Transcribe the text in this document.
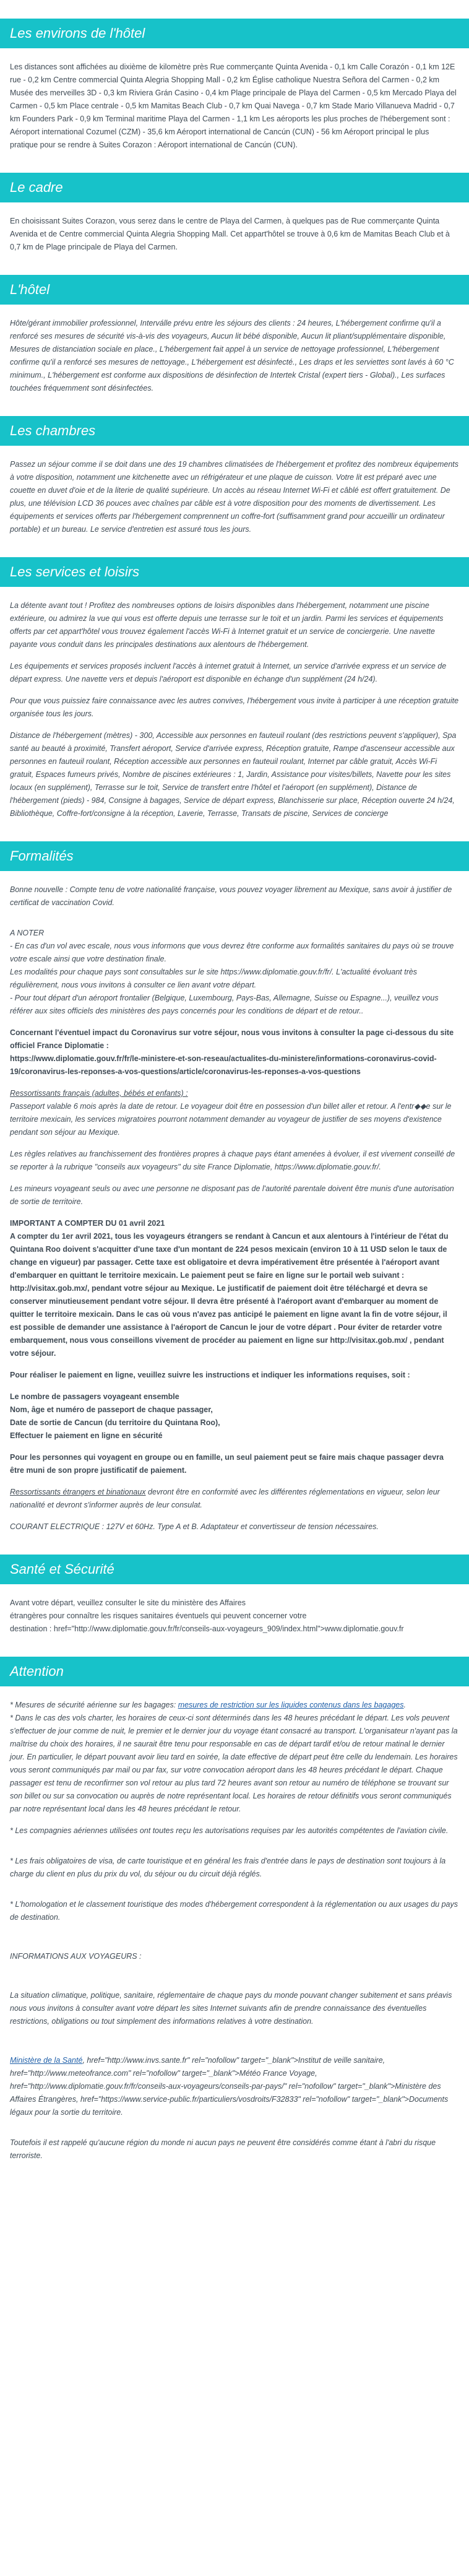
Les environs de l'hôtel

Les distances sont affichées au dixième de kilomètre près Rue commerçante Quinta Avenida - 0,1 km Calle Corazón - 0,1 km 12E rue - 0,2 km Centre commercial Quinta Alegria Shopping Mall - 0,2 km Église catholique Nuestra Señora del Carmen - 0,2 km Musée des merveilles 3D - 0,3 km Riviera Grán Casino - 0,4 km Plage principale de Playa del Carmen - 0,5 km Mercado Playa del Carmen - 0,5 km Place centrale - 0,5 km Mamitas Beach Club - 0,7 km Quai Navega - 0,7 km Stade Mario Villanueva Madrid - 0,7 km Founders Park - 0,9 km Terminal maritime Playa del Carmen - 1,1 km Les aéroports les plus proches de l'hébergement sont : Aéroport international Cozumel (CZM) - 35,6 km Aéroport international de Cancún (CUN) - 56 km Aéroport principal le plus pratique pour se rendre à Suites Corazon : Aéroport international de Cancún (CUN).

Le cadre

En choisissant Suites Corazon, vous serez dans le centre de Playa del Carmen, à quelques pas de Rue commerçante Quinta Avenida et de Centre commercial Quinta Alegria Shopping Mall. Cet appart'hôtel se trouve à 0,6 km de Mamitas Beach Club et à 0,7 km de Plage principale de Playa del Carmen.

L'hôtel

Hôte/gérant immobilier professionnel, Interválle prévu entre les séjours des clients : 24 heures, L'hébergement confirme qu'il a renforcé ses mesures de sécurité vis-à-vis des voyageurs, Aucun lit bébé disponible, Aucun lit pliant/supplémentaire disponible, Mesures de distanciation sociale en place., L'hébergement fait appel à un service de nettoyage professionnel, L'hébergement confirme qu'il a renforcé ses mesures de nettoyage., L'hébergement est désinfecté., Les draps et les serviettes sont lavés à 60 °C minimum., L'hébergement est conforme aux dispositions de désinfection de Intertek Cristal (expert tiers - Global)., Les surfaces touchées fréquemment sont désinfectées.

Les chambres

Passez un séjour comme il se doit dans une des 19 chambres climatisées de l'hébergement et profitez des nombreux équipements à votre disposition, notamment une kitchenette avec un réfrigérateur et une plaque de cuisson. Votre lit est préparé avec une couette en duvet d'oie et de la literie de qualité supérieure. Un accès au réseau Internet Wi-Fi et câblé est offert gratuitement. De plus, une télévision LCD 36 pouces avec chaînes par câble est à votre disposition pour des moments de divertissement. Les équipements et services offerts par l'hébergement comprennent un coffre-fort (suffisamment grand pour accueillir un ordinateur portable) et un bureau. Le service d'entretien est assuré tous les jours.

Les services et loisirs

La détente avant tout ! Profitez des nombreuses options de loisirs disponibles dans l'hébergement, notamment une piscine extérieure, ou admirez la vue qui vous est offerte depuis une terrasse sur le toit et un jardin. Parmi les services et équipements offerts par cet appart'hôtel vous trouvez également l'accès Wi-Fi à Internet gratuit et un service de conciergerie. Une navette payante vous conduit dans les principales destinations aux alentours de l'hébergement.

Les équipements et services proposés incluent l'accès à internet gratuit à Internet, un service d'arrivée express et un service de départ express. Une navette vers et depuis l'aéroport est disponible en échange d'un supplément (24 h/24).

Pour que vous puissiez faire connaissance avec les autres convives, l'hébergement vous invite à participer à une réception gratuite organisée tous les jours.

Distance de l'hébergement (mètres) - 300, Accessible aux personnes en fauteuil roulant (des restrictions peuvent s'appliquer), Spa santé au beauté à proximité, Transfert aéroport, Service d'arrivée express, Réception gratuite, Rampe d'ascenseur accessible aux personnes en fauteuil roulant, Réception accessible aux personnes en fauteuil roulant, Internet par câble gratuit, Accès Wi-Fi gratuit, Espaces fumeurs privés, Nombre de piscines extérieures : 1, Jardin, Assistance pour visites/billets, Navette pour les sites locaux (en supplément), Terrasse sur le toit, Service de transfert entre l'hôtel et l'aéroport (en supplément), Distance de l'hébergement (pieds) - 984, Consigne à bagages, Service de départ express, Blanchisserie sur place, Réception ouverte 24 h/24, Bibliothèque, Coffre-fort/consigne à la réception, Laverie, Terrasse, Transats de piscine, Services de concierge

Formalités

Bonne nouvelle : Compte tenu de votre nationalité française, vous pouvez voyager librement au Mexique, sans avoir à justifier de certificat de vaccination Covid.

A NOTER
- En cas d'un vol avec escale, nous vous informons que vous devrez être conforme aux formalités sanitaires du pays où se trouve votre escale ainsi que votre destination finale.
Les modalités pour chaque pays sont consultables sur le site https://www.diplomatie.gouv.fr/fr/. L'actualité évoluant très régulièrement, nous vous invitons à consulter ce lien avant votre départ.
- Pour tout départ d'un aéroport frontalier (Belgique, Luxembourg, Pays-Bas, Allemagne, Suisse ou Espagne...), veuillez vous référer aux sites officiels des ministères des pays concernés pour les conditions de départ et de retour..

Concernant l'éventuel impact du Coronavirus sur votre séjour, nous vous invitons à consulter la page ci-dessous du site officiel France Diplomatie :
https://www.diplomatie.gouv.fr/fr/le-ministere-et-son-reseau/actualites-du-ministere/informations-coronavirus-covid-19/coronavirus-les-reponses-a-vos-questions/article/coronavirus-les-reponses-a-vos-questions

Ressortissants français (adultes, bébés et enfants) :
Passeport valable 6 mois après la date de retour. Le voyageur doit être en possession d'un billet aller et retour. A l'entr◆◆e sur le territoire mexicain, les services migratoires pourront notamment demander au voyageur de justifier de ses moyens d'existence pendant son séjour au Mexique.

Les règles relatives au franchissement des frontières propres à chaque pays étant amenées à évoluer, il est vivement conseillé de se reporter à la rubrique "conseils aux voyageurs" du site France Diplomatie, https://www.diplomatie.gouv.fr/.

Les mineurs voyageant seuls ou avec une personne ne disposant pas de l'autorité parentale doivent être munis d'une autorisation de sortie de territoire.

IMPORTANT A COMPTER DU 01 avril 2021
A compter du 1er avril 2021, tous les voyageurs étrangers se rendant à Cancun et aux alentours à l'intérieur de l'état du Quintana Roo doivent s'acquitter d'une taxe d'un montant de 224 pesos mexicain (environ 10 à 11 USD selon le taux de change en vigueur) par passager. Cette taxe est obligatoire et devra impérativement être présentée à l'aéroport avant d'embarquer en quittant le territoire mexicain. Le paiement peut se faire en ligne sur le portail web suivant : http://visitax.gob.mx/, pendant votre séjour au Mexique. Le justificatif de paiement doit être téléchargé et devra se conserver minutieusement pendant votre séjour. Il devra être présenté à l'aéroport avant d'embarquer au moment de quitter le territoire mexicain. Dans le cas où vous n'avez pas anticipé le paiement en ligne avant la fin de votre séjour, il est possible de demander une assistance à l'aéroport de Cancun le jour de votre départ . Pour éviter de retarder votre embarquement, nous vous conseillons vivement de procéder au paiement en ligne sur http://visitax.gob.mx/ , pendant votre séjour.

Pour réaliser le paiement en ligne, veuillez suivre les instructions et indiquer les informations requises, soit :

Le nombre de passagers voyageant ensemble
Nom, âge et numéro de passeport de chaque passager,
Date de sortie de Cancun (du territoire du Quintana Roo),
Effectuer le paiement en ligne en sécurité

Pour les personnes qui voyagent en groupe ou en famille, un seul paiement peut se faire mais chaque passager devra être muni de son propre justificatif de paiement.

Ressortissants étrangers et binationaux devront être en conformité avec les différentes réglementations en vigueur, selon leur nationalité et devront s'informer auprès de leur consulat.

COURANT ELECTRIQUE : 127V et 60Hz. Type A et B. Adaptateur et convertisseur de tension nécessaires.

Santé et Sécurité

Avant votre départ, veuillez consulter le site du ministère des Affaires
étrangères pour connaître les risques sanitaires éventuels qui peuvent concerner votre
destination : href="http://www.diplomatie.gouv.fr/fr/conseils-aux-voyageurs_909/index.html">www.diplomatie.gouv.fr

Attention

* Mesures de sécurité aérienne sur les bagages: mesures de restriction sur les liquides contenus dans les bagages.
* Dans le cas des vols charter, les horaires de ceux-ci sont déterminés dans les 48 heures précédant le départ. Les vols peuvent s'effectuer de jour comme de nuit, le premier et le dernier jour du voyage étant consacré au transport. L'organisateur n'ayant pas la maîtrise du choix des horaires, il ne saurait être tenu pour responsable en cas de départ tardif et/ou de retour matinal le dernier jour. En particulier, le départ pouvant avoir lieu tard en soirée, la date effective de départ peut être celle du lendemain. Les horaires vous seront communiqués par mail ou par fax, sur votre convocation aéroport dans les 48 heures précédant le départ. Chaque passager est tenu de reconfirmer son vol retour au plus tard 72 heures avant son retour au numéro de téléphone se trouvant sur son billet ou sur sa convocation ou auprès de notre représentant local. Les horaires de retour définitifs vous seront communiqués par notre représentant local dans les 48 heures précédant le retour.

* Les compagnies aériennes utilisées ont toutes reçu les autorisations requises par les autorités compétentes de l'aviation civile.

* Les frais obligatoires de visa, de carte touristique et en général les frais d'entrée dans le pays de destination sont toujours à la charge du client en plus du prix du vol, du séjour ou du circuit déjà réglés.

* L'homologation et le classement touristique des modes d'hébergement correspondent à la réglementation ou aux usages du pays de destination.

INFORMATIONS AUX VOYAGEURS :

La situation climatique, politique, sanitaire, réglementaire de chaque pays du monde pouvant changer subitement et sans préavis
nous vous invitons à consulter avant votre départ les sites Internet suivants afin de prendre connaissance des éventuelles restrictions, obligations ou tout simplement des informations relatives à votre destination.

Ministère de la Santé, href="http://www.invs.sante.fr" rel="nofollow" target="_blank">Institut de veille sanitaire, href="http://www.meteofrance.com" rel="nofollow" target="_blank">Météo France Voyage, href="http://www.diplomatie.gouv.fr/fr/conseils-aux-voyageurs/conseils-par-pays/" rel="nofollow" target="_blank">Ministère des Affaires Étrangères, href="https://www.service-public.fr/particuliers/vosdroits/F32833" rel="nofollow" target="_blank">Documents légaux pour la sortie du territoire.

Toutefois il est rappelé qu'aucune région du monde ni aucun pays ne peuvent être considérés comme étant à l'abri du risque terroriste.
